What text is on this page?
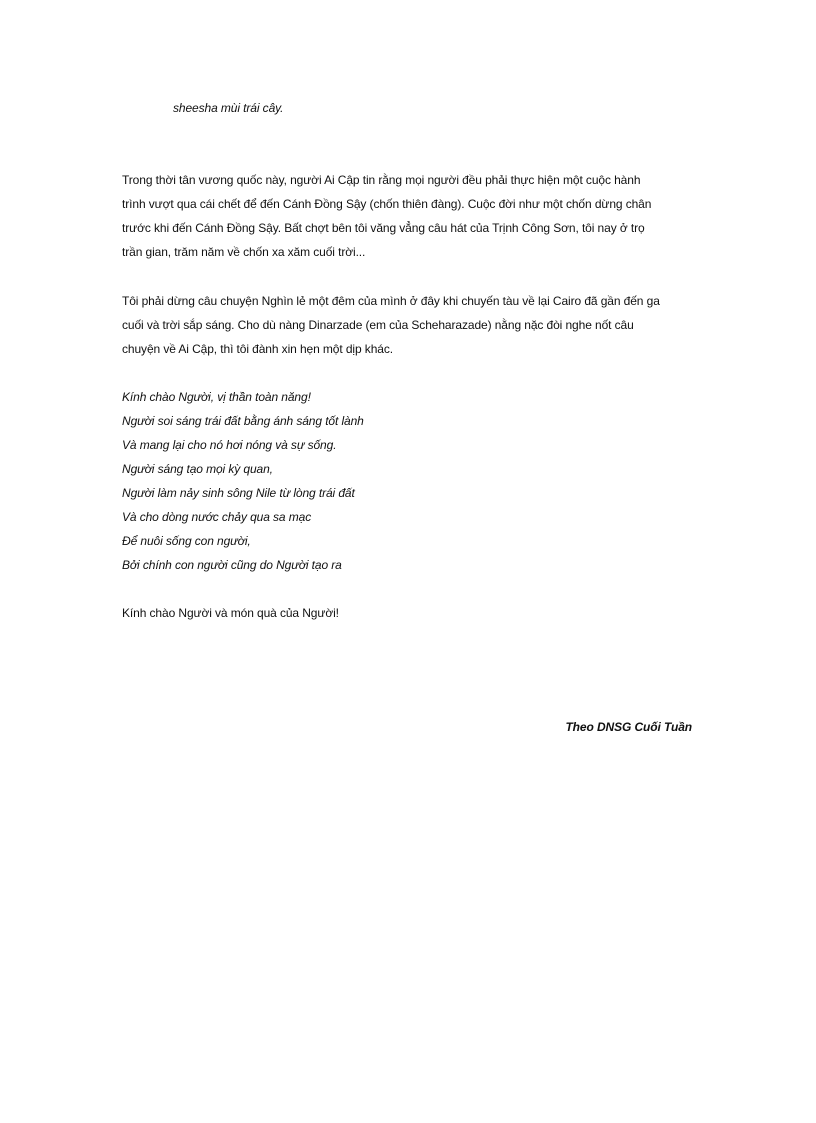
sheesha mùi trái cây.
Trong thời tân vương quốc này, người Ai Cập tin rằng mọi người đều phải thực hiện một cuộc hành
trình vượt qua cái chết để đến Cánh Đồng Sậy (chốn thiên đàng). Cuộc đời như một chốn dừng chân
trước khi đến Cánh Đồng Sậy. Bất chợt bên tôi văng vẳng câu hát của Trịnh Công Sơn, tôi nay ở trọ
trần gian, trăm năm về chốn xa xăm cuối trời...
Tôi phải dừng câu chuyện Nghìn lẻ một đêm của mình ở đây khi chuyến tàu về lại Cairo đã gần đến ga
cuối và trời sắp sáng. Cho dù nàng Dinarzade (em của Scheharazade) nằng nặc đòi nghe nốt câu
chuyện về Ai Cập, thì tôi đành xin hẹn một dịp khác.
Kính chào Người, vị thần toàn năng!
Người soi sáng trái đất bằng ánh sáng tốt lành
Và mang lại cho nó hơi nóng và sự sống.
Người sáng tạo mọi kỳ quan,
Người làm nảy sinh sông Nile từ lòng trái đất
Và cho dòng nước chảy qua sa mạc
Để nuôi sống con người,
Bởi chính con người cũng do Người tạo ra
Kính chào Người và món quà của Người!
Theo DNSG Cuối Tuần
